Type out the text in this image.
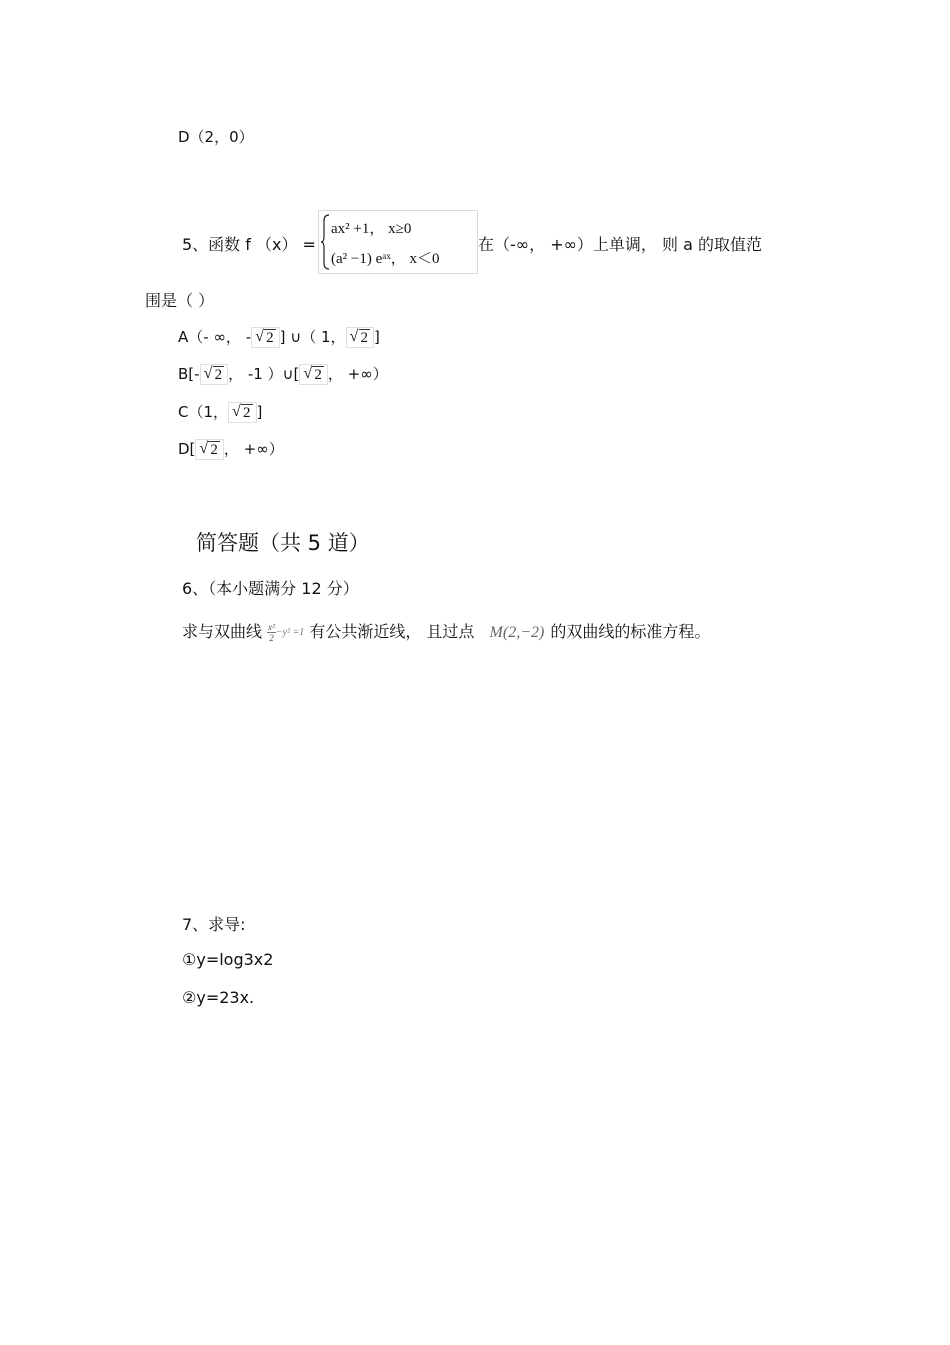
D（2，0）
5、函数 f （x） =
ax² +1， x≥0
(a² −1) eᵃˣ， x＜0
在（-∞， +∞）上单调， 则 a 的取值范
围是（ ）
A（- ∞， - √ 2 ] ∪（ 1， √ 2 ]
B[- √ 2 ， -1 ）∪[ √ 2 ， +∞）
C（1， √ 2 ]
D[ √ 2 ， +∞）
简答题（共 5 道）
6、（本小题满分 12 分）
求与双曲线 $\frac{\text{x²}}{2}-y^2 =1$ 有公共渐近线， 且过点 M(2,−2) 的双曲线的标准方程。
7、求导:
①y=log3x2
②y=23x.
